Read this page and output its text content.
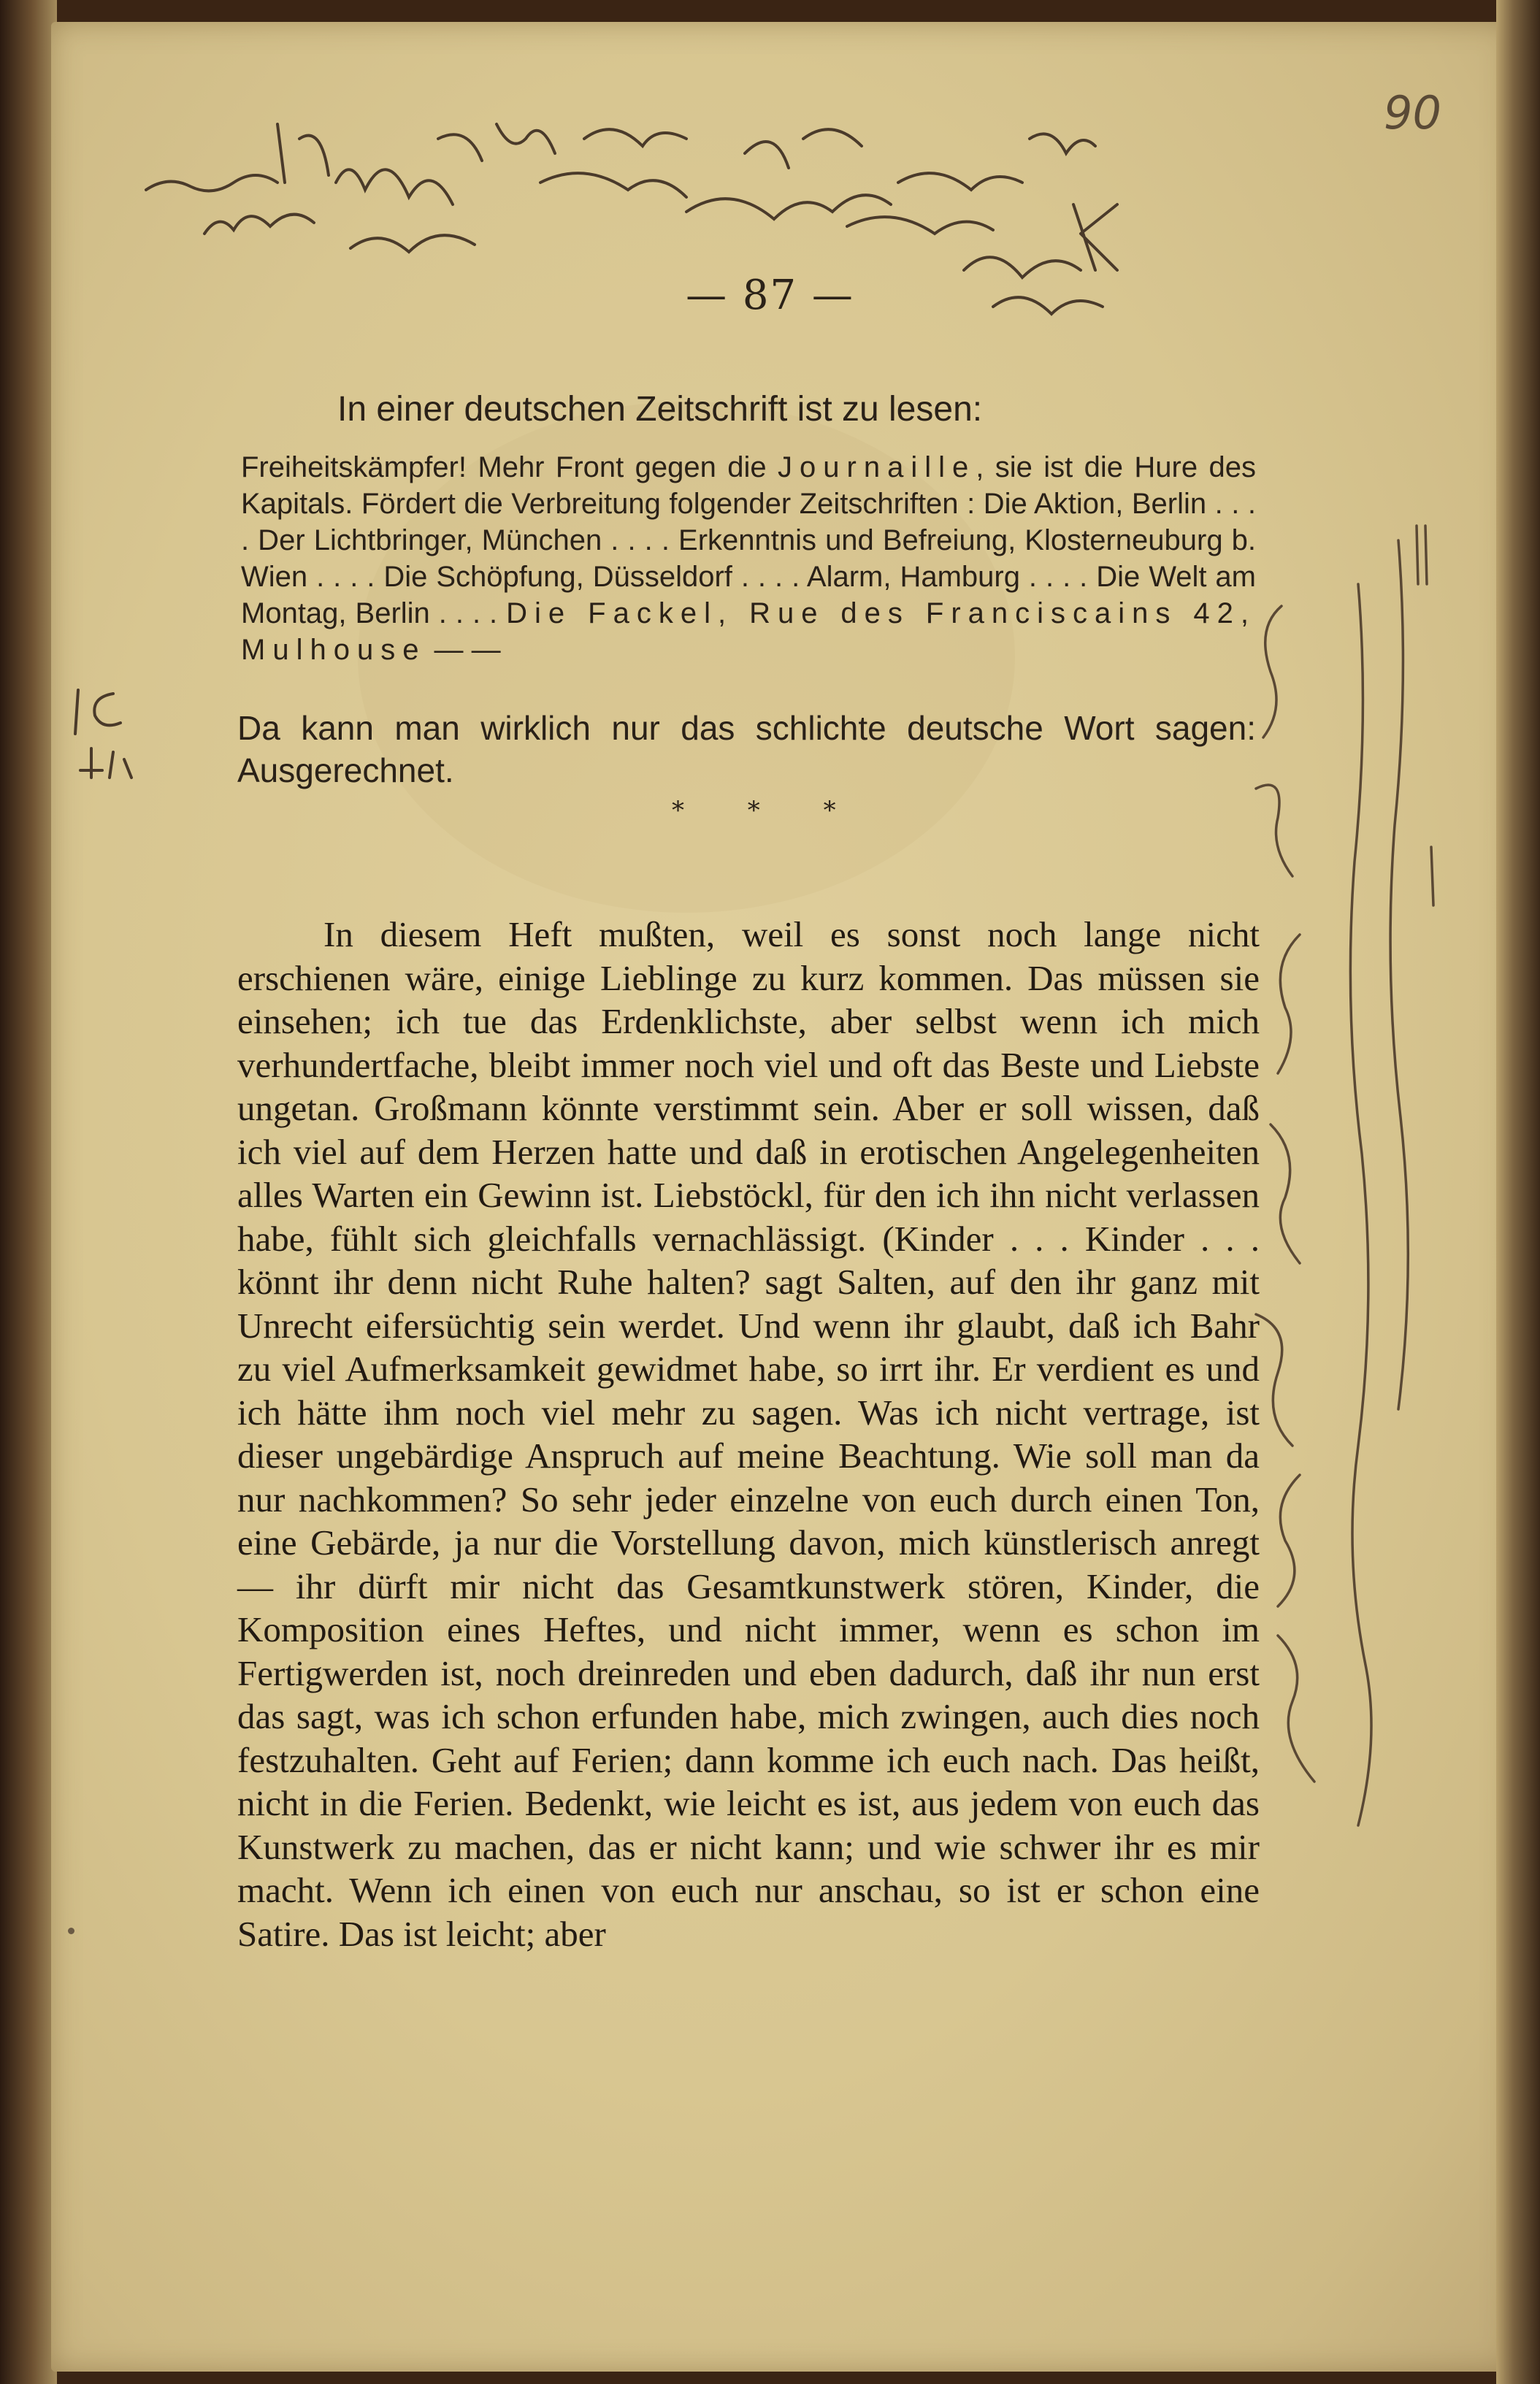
90
— 87 —
In einer deutschen Zeitschrift ist zu lesen:
Freiheitskämpfer! Mehr Front gegen die Journaille, sie ist die Hure des Kapitals. Fördert die Verbreitung folgender Zeitschriften : Die Aktion, Berlin . . . . Der Lichtbringer, München . . . . Erkenntnis und Befreiung, Klosterneuburg b. Wien . . . . Die Schöpfung, Düsseldorf . . . . Alarm, Hamburg . . . . Die Welt am Montag, Berlin . . . . Die Fackel, Rue des Franciscains 42, Mulhouse — —
Da kann man wirklich nur das schlichte deutsche Wort sagen: Ausgerechnet.
* * *
In diesem Heft mußten, weil es sonst noch lange nicht erschienen wäre, einige Lieblinge zu kurz kommen. Das müssen sie einsehen; ich tue das Erdenklichste, aber selbst wenn ich mich verhundertfache, bleibt immer noch viel und oft das Beste und Liebste ungetan. Großmann könnte verstimmt sein. Aber er soll wissen, daß ich viel auf dem Herzen hatte und daß in erotischen Angelegenheiten alles Warten ein Gewinn ist. Liebstöckl, für den ich ihn nicht verlassen habe, fühlt sich gleichfalls vernachlässigt. (Kinder . . . Kinder . . . könnt ihr denn nicht Ruhe halten? sagt Salten, auf den ihr ganz mit Unrecht eifersüchtig sein werdet. Und wenn ihr glaubt, daß ich Bahr zu viel Aufmerksamkeit gewidmet habe, so irrt ihr. Er verdient es und ich hätte ihm noch viel mehr zu sagen. Was ich nicht vertrage, ist dieser ungebärdige Anspruch auf meine Beachtung. Wie soll man da nur nachkommen? So sehr jeder einzelne von euch durch einen Ton, eine Gebärde, ja nur die Vorstellung davon, mich künstlerisch anregt — ihr dürft mir nicht das Gesamtkunstwerk stören, Kinder, die Komposition eines Heftes, und nicht immer, wenn es schon im Fertigwerden ist, noch dreinreden und eben dadurch, daß ihr nun erst das sagt, was ich schon erfunden habe, mich zwingen, auch dies noch festzuhalten. Geht auf Ferien; dann komme ich euch nach. Das heißt, nicht in die Ferien. Bedenkt, wie leicht es ist, aus jedem von euch das Kunstwerk zu machen, das er nicht kann; und wie schwer ihr es mir macht. Wenn ich einen von euch nur anschau, so ist er schon eine Satire. Das ist leicht; aber
